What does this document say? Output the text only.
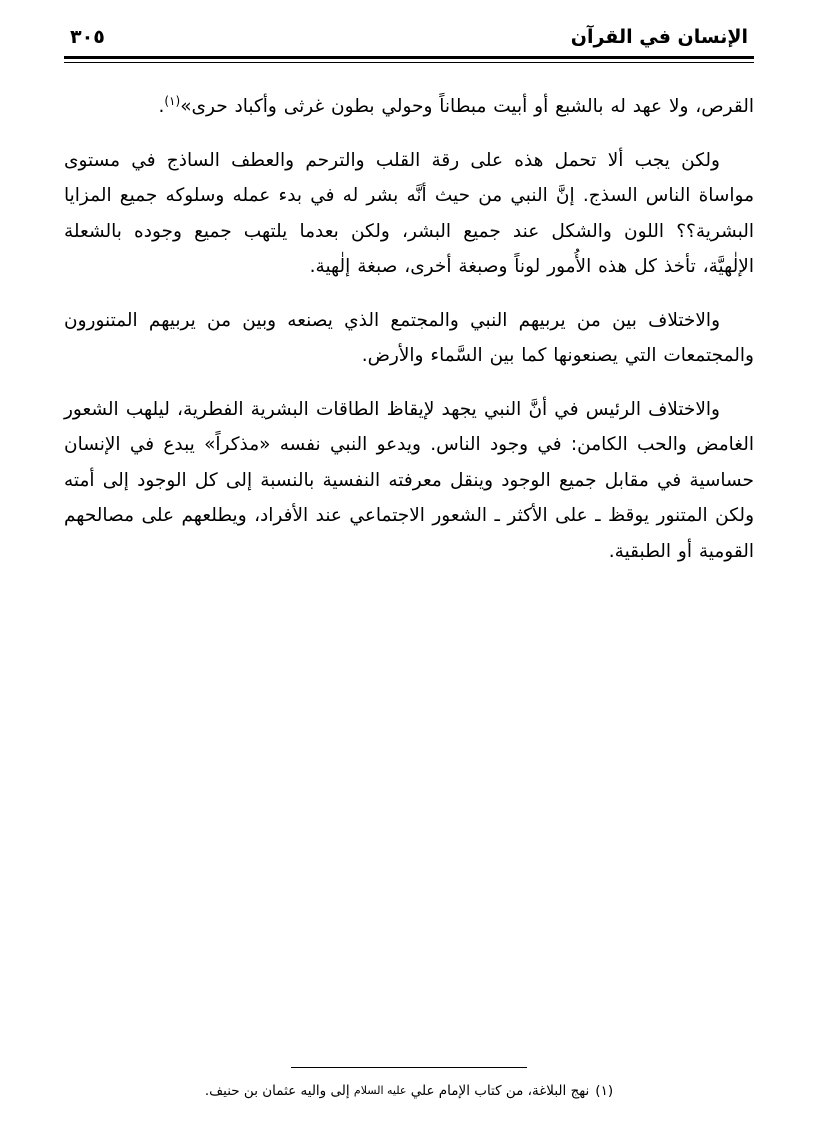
الإنسان في القرآن
٣٠٥

القرص، ولا عهد له بالشبع أو أبيت مبطاناً وحولي بطون غرثى وأكباد حرى»$^{(١)}$.

ولكن يجب ألا تحمل هذه على رقة القلب والترحم والعطف الساذج في مستوى مواساة الناس السذج. إنَّ النبي من حيث أنَّه بشر له في بدء عمله وسلوكه جميع المزايا البشرية؟؟ اللون والشكل عند جميع البشر، ولكن بعدما يلتهب جميع وجوده بالشعلة الإلٰهيَّة، تأخذ كل هذه الأُمور لوناً وصبغة أخرى، صبغة إلٰهية.

والاختلاف بين من يربيهم النبي والمجتمع الذي يصنعه وبين من يربيهم المتنورون والمجتمعات التي يصنعونها كما بين السَّماء والأرض.

والاختلاف الرئيس في أنَّ النبي يجهد لإيقاظ الطاقات البشرية الفطرية، ليلهب الشعور الغامض والحب الكامن: في وجود الناس. ويدعو النبي نفسه «مذكراً» يبدع في الإنسان حساسية في مقابل جميع الوجود وينقل معرفته النفسية بالنسبة إلى كل الوجود إلى أمته ولكن المتنور يوقظ ـ على الأكثر ـ الشعور الاجتماعي عند الأفراد، ويطلعهم على مصالحهم القومية أو الطبقية.

(١)نهج البلاغة، من كتاب الإمام علي عليه السلام إلى واليه عثمان بن حنيف.
